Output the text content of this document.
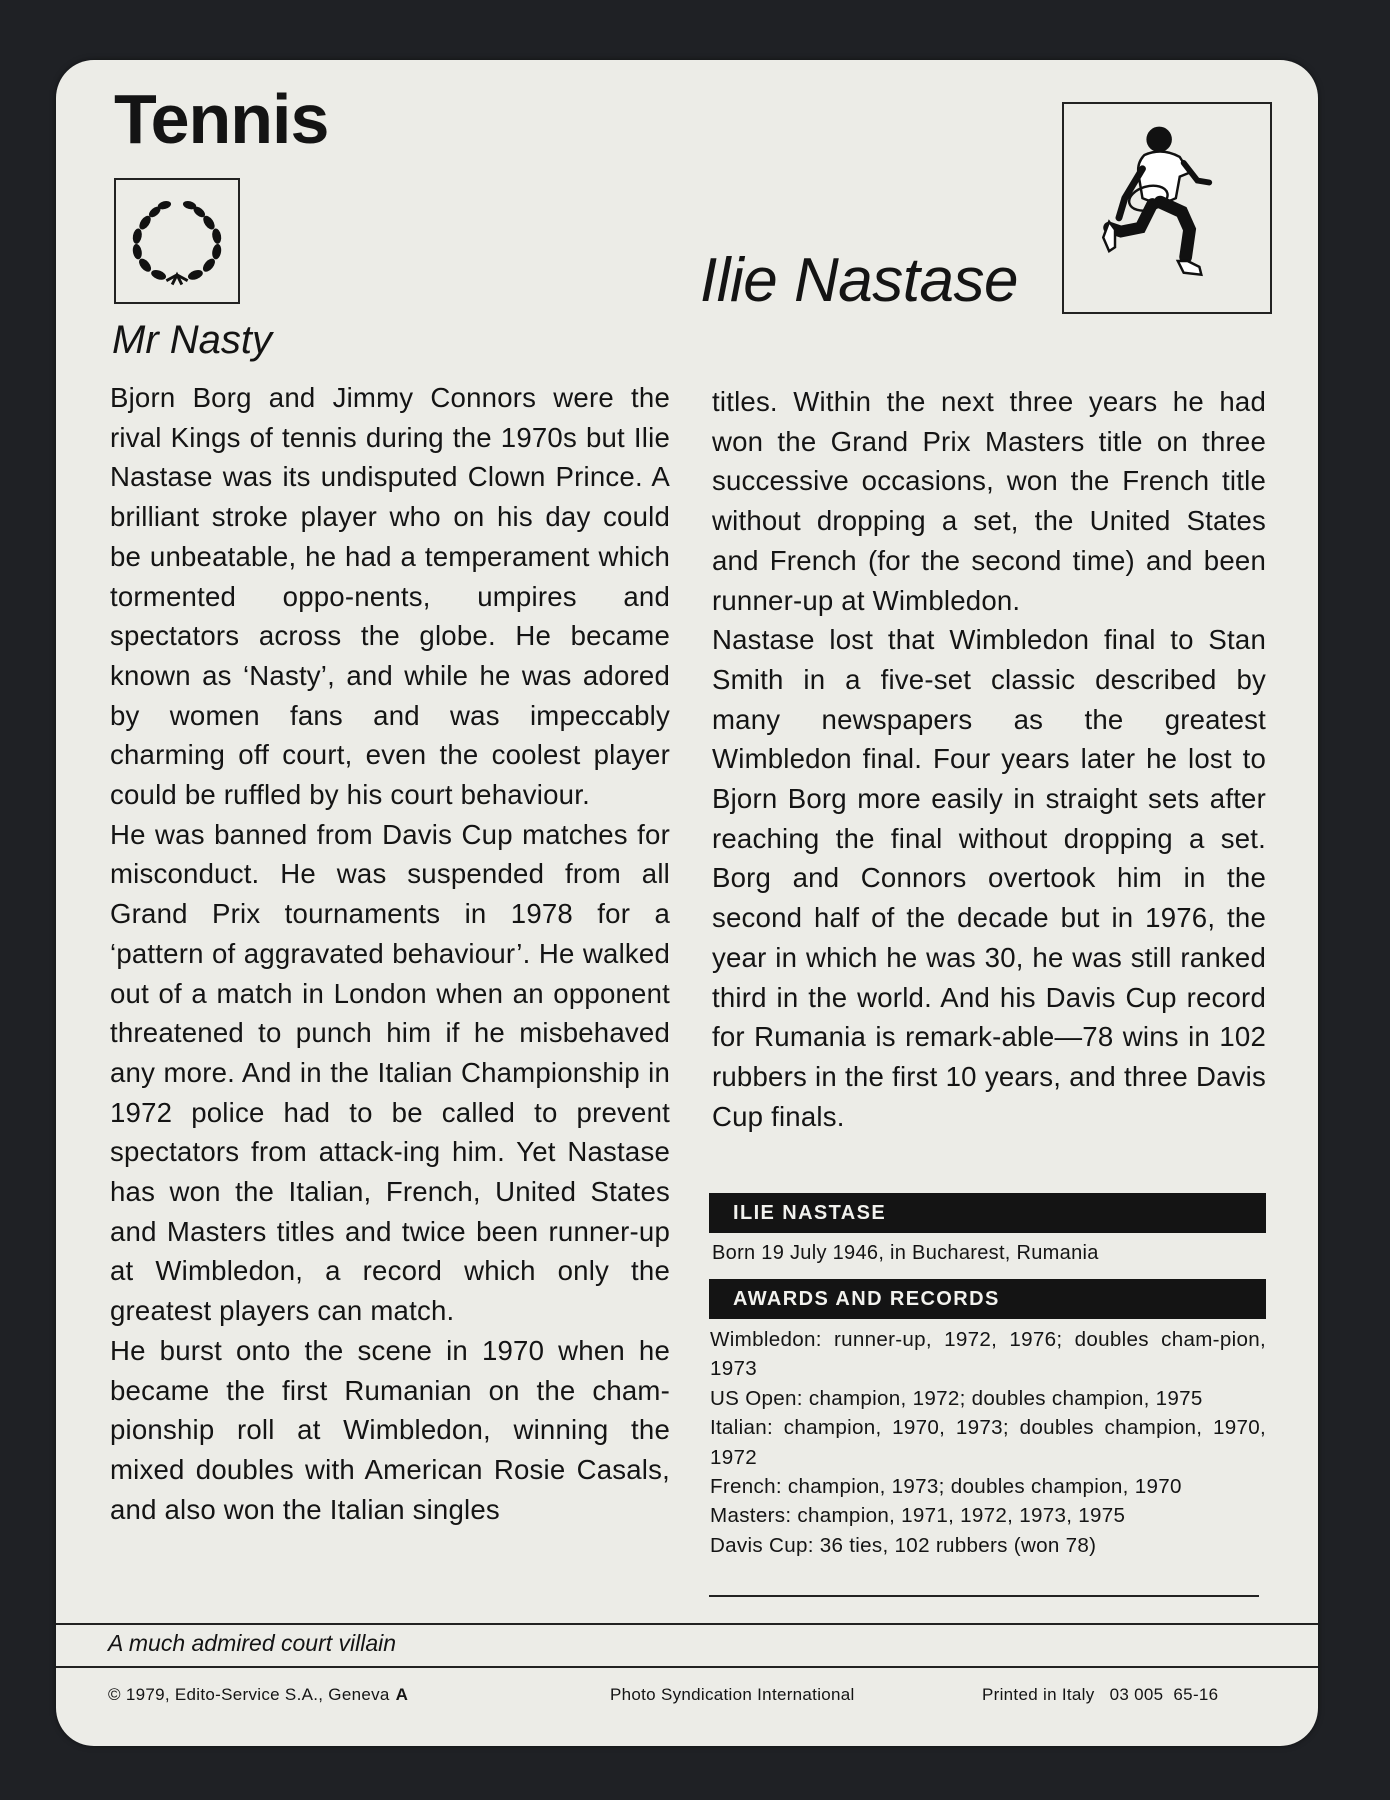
Tennis
Ilie Nastase
Mr Nasty

Bjorn Borg and Jimmy Connors were the rival Kings of tennis during the 1970s but Ilie Nastase was its undisputed Clown Prince. A brilliant stroke player who on his day could be unbeatable, he had a temperament which tormented oppo-nents, umpires and spectators across the globe. He became known as ‘Nasty’, and while he was adored by women fans and was impeccably charming off court, even the coolest player could be ruffled by his court behaviour.

He was banned from Davis Cup matches for misconduct. He was suspended from all Grand Prix tournaments in 1978 for a ‘pattern of aggravated behaviour’. He walked out of a match in London when an opponent threatened to punch him if he misbehaved any more. And in the Italian Championship in 1972 police had to be called to prevent spectators from attack-ing him. Yet Nastase has won the Italian, French, United States and Masters titles and twice been runner-up at Wimbledon, a record which only the greatest players can match.

He burst onto the scene in 1970 when he became the first Rumanian on the cham-pionship roll at Wimbledon, winning the mixed doubles with American Rosie Casals, and also won the Italian singles

titles. Within the next three years he had won the Grand Prix Masters title on three successive occasions, won the French title without dropping a set, the United States and French (for the second time) and been runner-up at Wimbledon.

Nastase lost that Wimbledon final to Stan Smith in a five-set classic described by many newspapers as the greatest Wimbledon final. Four years later he lost to Bjorn Borg more easily in straight sets after reaching the final without dropping a set. Borg and Connors overtook him in the second half of the decade but in 1976, the year in which he was 30, he was still ranked third in the world. And his Davis Cup record for Rumania is remark-able—78 wins in 102 rubbers in the first 10 years, and three Davis Cup finals.

ILIE NASTASE
Born 19 July 1946, in Bucharest, Rumania
AWARDS AND RECORDS
Wimbledon: runner-up, 1972, 1976; doubles cham-pion, 1973
US Open: champion, 1972; doubles champion, 1975
Italian: champion, 1970, 1973; doubles champion, 1970, 1972
French: champion, 1973; doubles champion, 1970
Masters: champion, 1971, 1972, 1973, 1975
Davis Cup: 36 ties, 102 rubbers (won 78)
A much admired court villain
© 1979, Edito-Service S.A., Geneva A	Photo Syndication International	Printed in Italy   03 005  65-16
